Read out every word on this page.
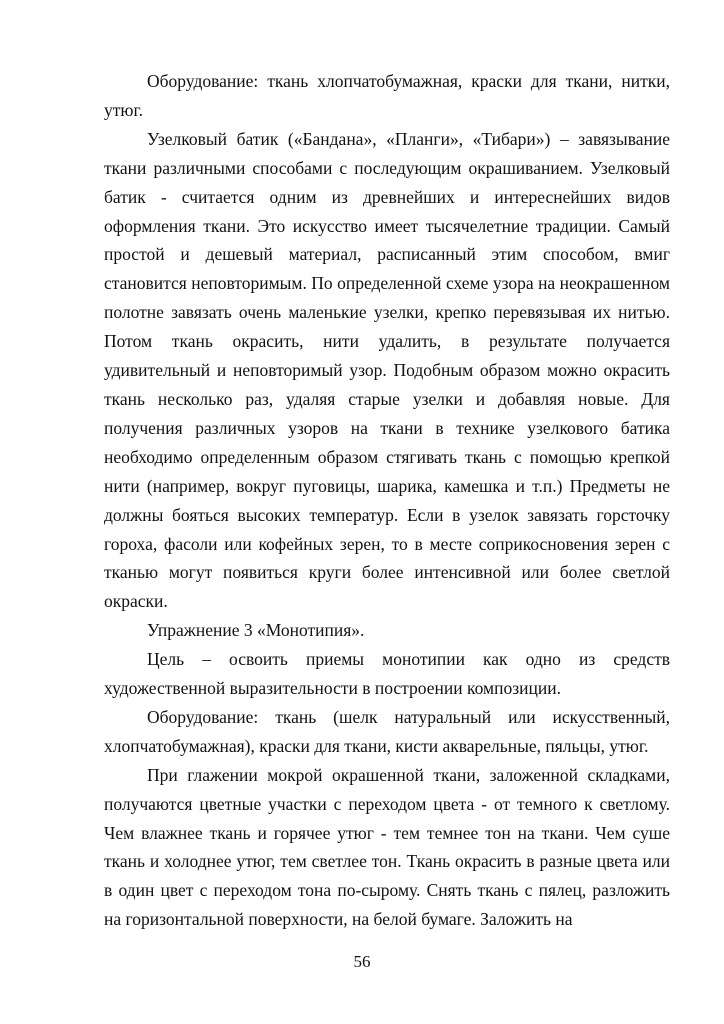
Оборудование: ткань хлопчатобумажная, краски для ткани, нитки, утюг.

Узелковый батик («Бандана», «Планги», «Тибари») – завязывание ткани различными способами с последующим окрашиванием. Узелковый батик - считается одним из древнейших и интереснейших видов оформления ткани. Это искусство имеет тысячелетние традиции. Самый простой и дешевый материал, расписанный этим способом, вмиг становится неповторимым. По определенной схеме узора на неокрашенном полотне завязать очень маленькие узелки, крепко перевязывая их нитью. Потом ткань окрасить, нити удалить, в результате получается удивительный и неповторимый узор. Подобным образом можно окрасить ткань несколько раз, удаляя старые узелки и добавляя новые. Для получения различных узоров на ткани в технике узелкового батика необходимо определенным образом стягивать ткань с помощью крепкой нити (например, вокруг пуговицы, шарика, камешка и т.п.) Предметы не должны бояться высоких температур. Если в узелок завязать горсточку гороха, фасоли или кофейных зерен, то в месте соприкосновения зерен с тканью могут появиться круги более интенсивной или более светлой окраски.

Упражнение 3 «Монотипия».

Цель – освоить приемы монотипии как одно из средств художественной выразительности в построении композиции.

Оборудование: ткань (шелк натуральный или искусственный, хлопчатобумажная), краски для ткани, кисти акварельные, пяльцы, утюг.

При глажении мокрой окрашенной ткани, заложенной складками, получаются цветные участки с переходом цвета - от темного к светлому. Чем влажнее ткань и горячее утюг - тем темнее тон на ткани. Чем суше ткань и холоднее утюг, тем светлее тон. Ткань окрасить в разные цвета или в один цвет с переходом тона по-сырому. Снять ткань с пялец, разложить на горизонтальной поверхности, на белой бумаге. Заложить на

56
